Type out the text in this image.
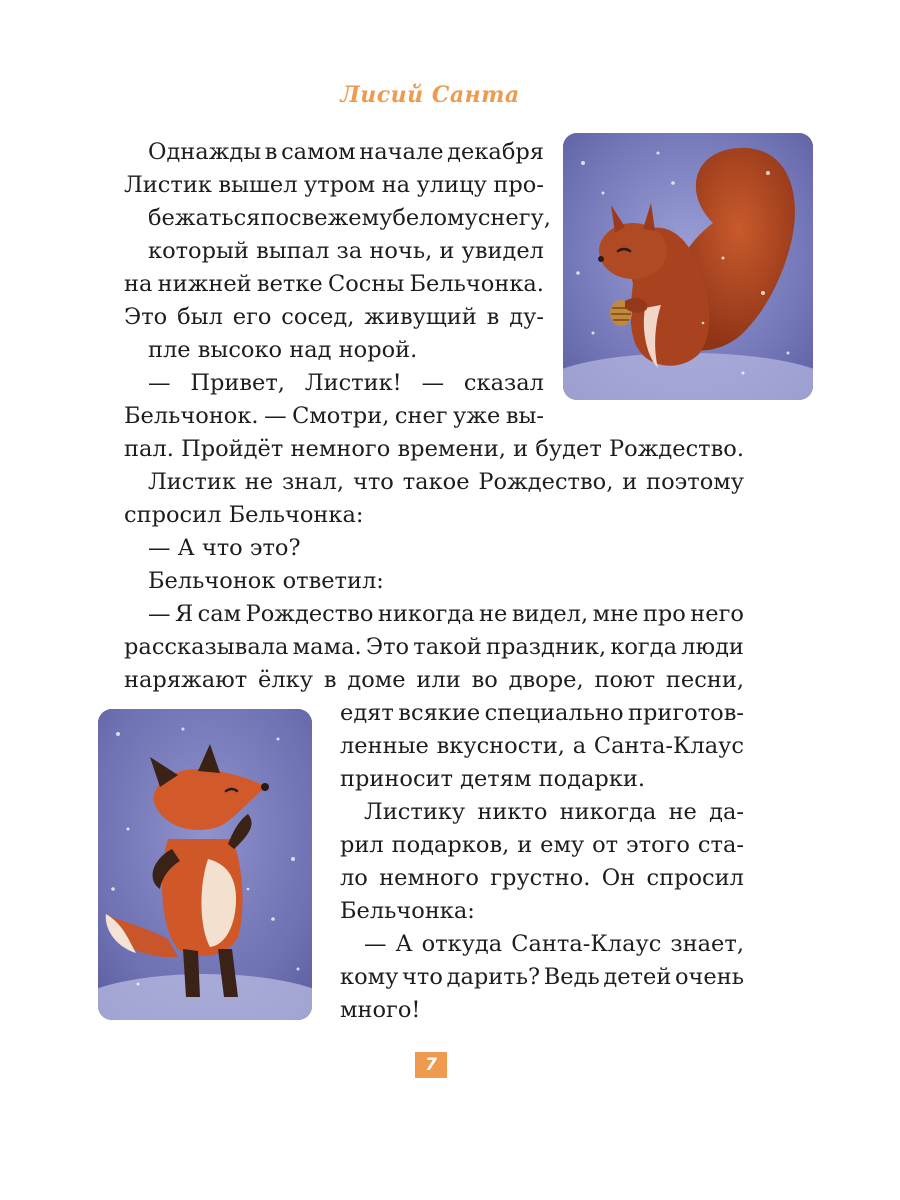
Лисий Санта
Однажды в самом начале декабря
Листик вышел утром на улицу про-
бежаться по свежему белому снегу,
который выпал за ночь, и увидел
на нижней ветке Сосны Бельчонка.
Это был его сосед, живущий в ду-
пле высоко над норой.
— Привет, Листик! — сказал
Бельчонок. — Смотри, снег уже вы-
пал. Пройдёт немного времени, и будет Рождество.
Листик не знал, что такое Рождество, и поэтому
спросил Бельчонка:
— А что это?
Бельчонок ответил:
— Я сам Рождество никогда не видел, мне про него
рассказывала мама. Это такой праздник, когда люди
наряжают ёлку в доме или во дворе, поют песни,
едят всякие специально приготов-
ленные вкусности, а Санта-Клаус
приносит детям подарки.
Листику никто никогда не да-
рил подарков, и ему от этого ста-
ло немного грустно. Он спросил
Бельчонка:
— А откуда Санта-Клаус знает,
кому что дарить? Ведь детей очень
много!
7
